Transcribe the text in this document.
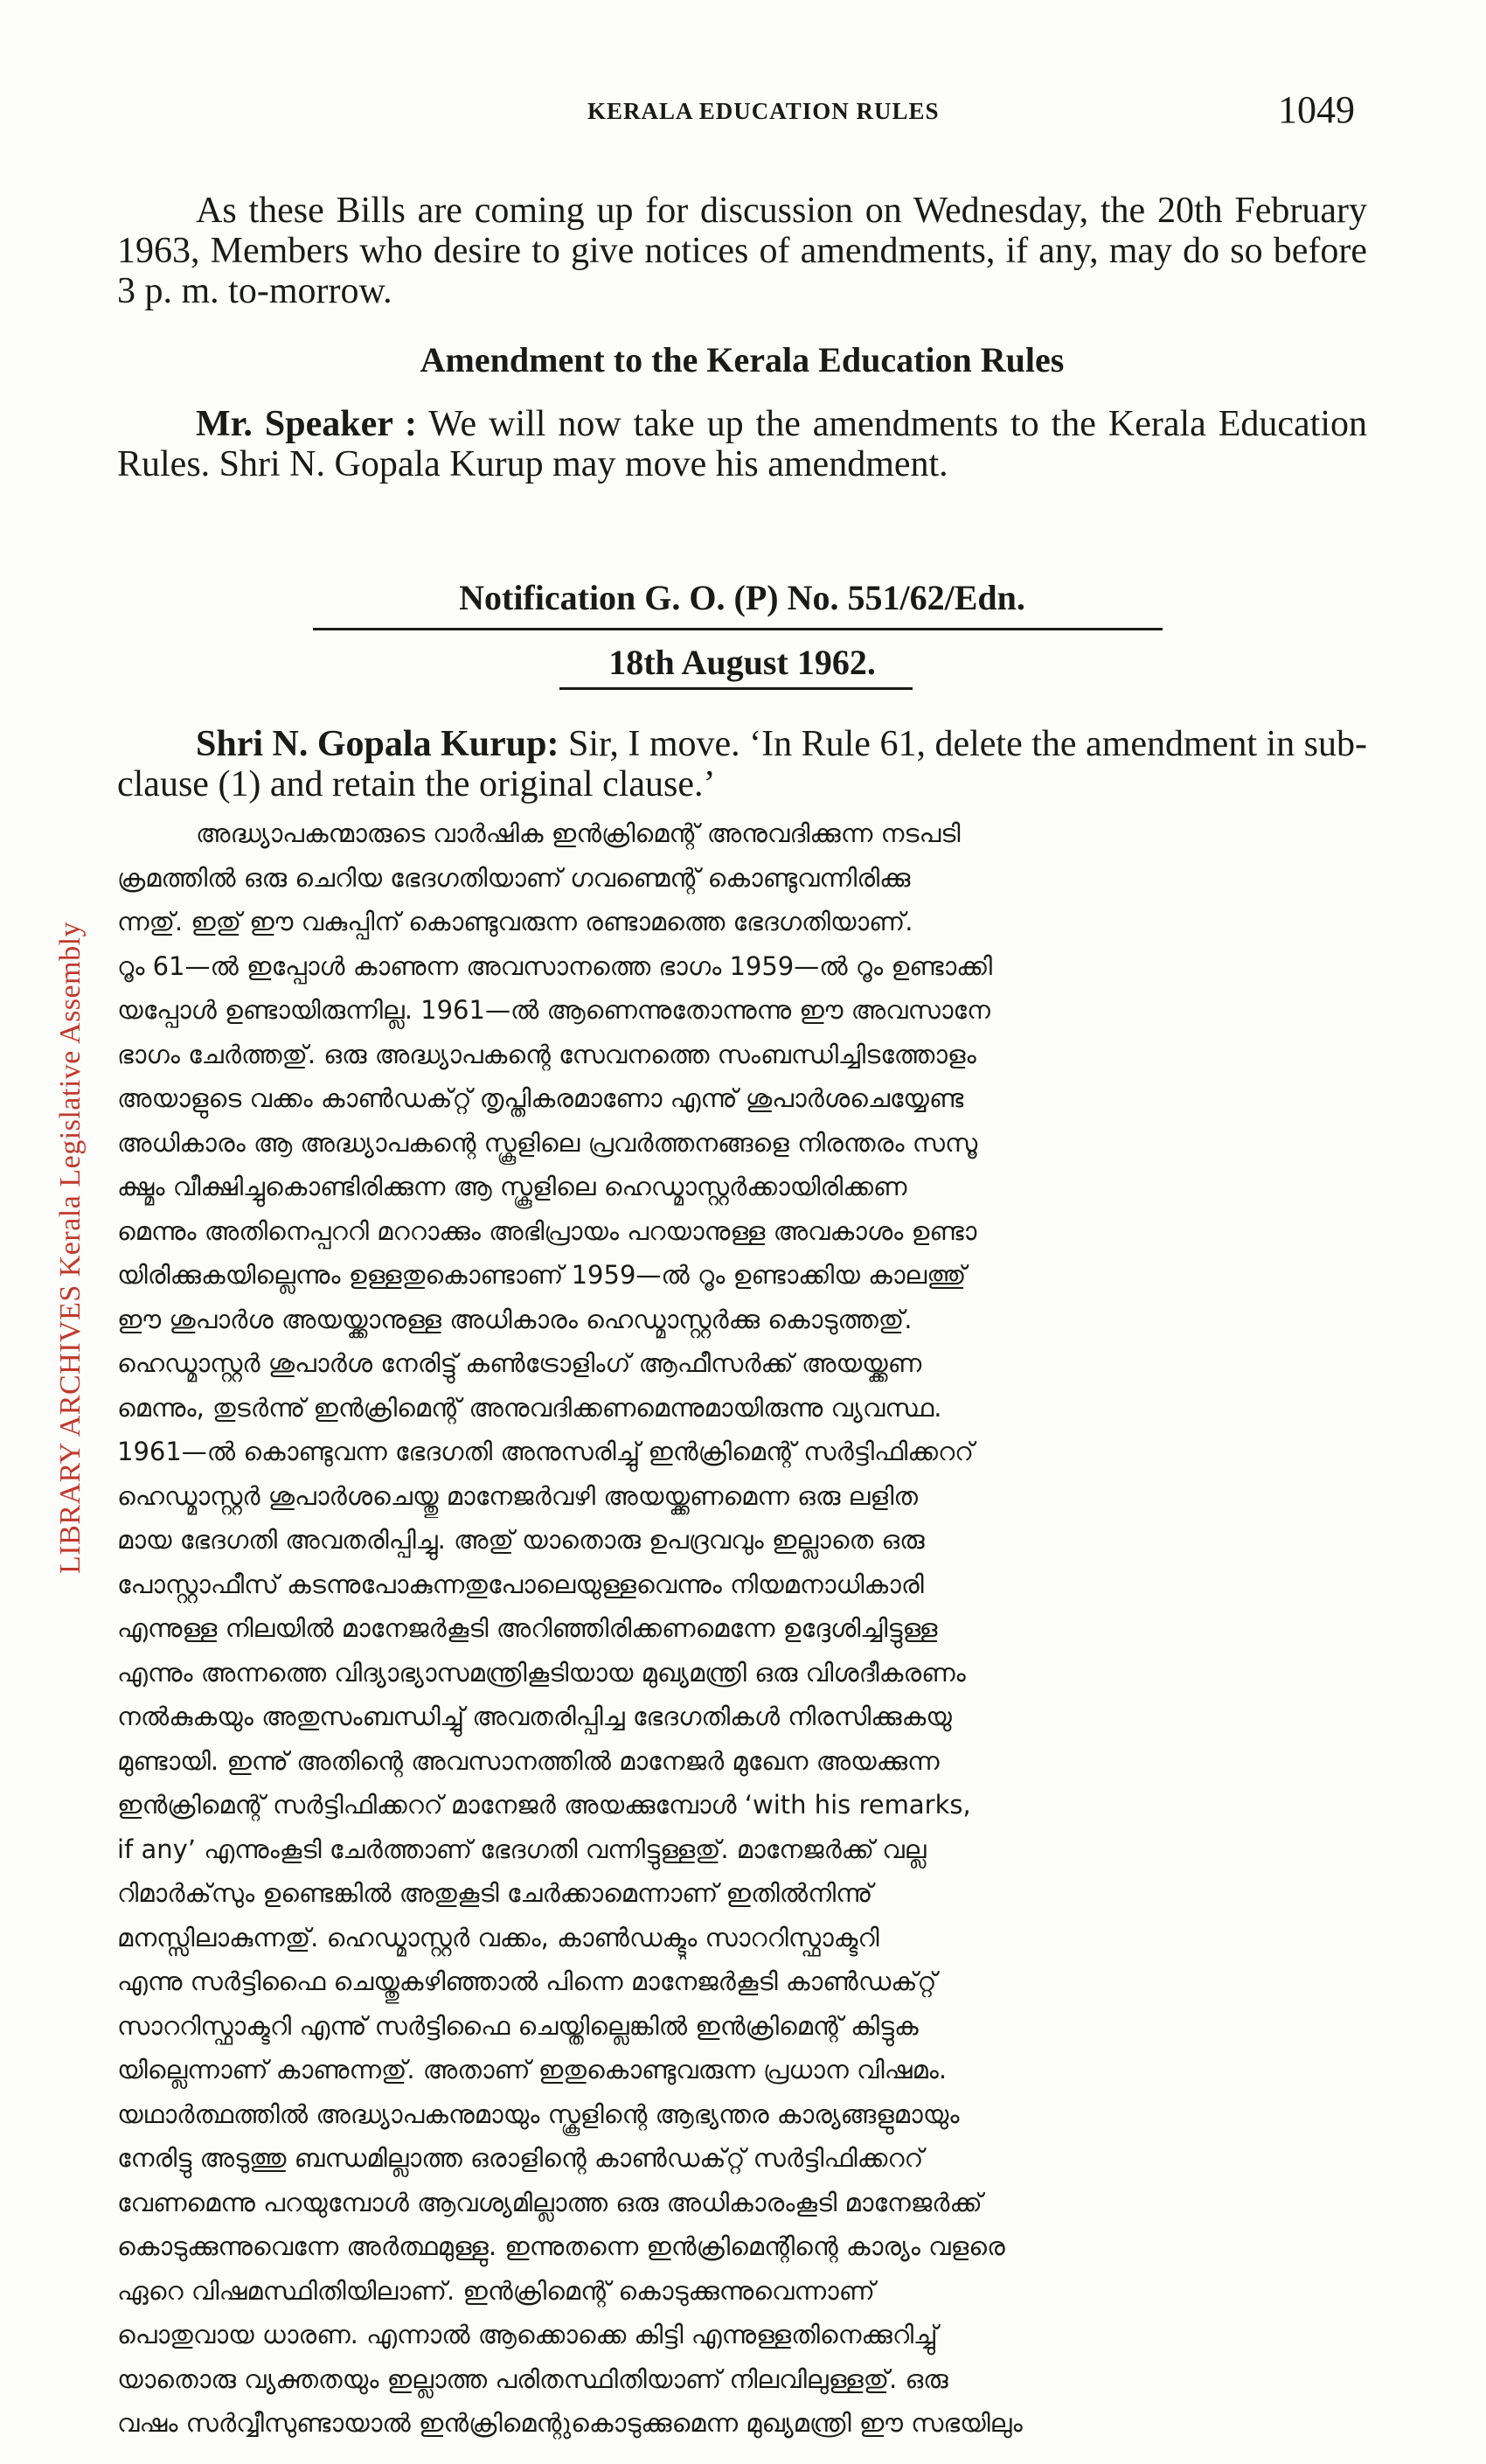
LIBRARY ARCHIVES Kerala Legislative Assembly
KERALA EDUCATION RULES	1049
As these Bills are coming up for discussion on Wednesday, the 20th February 1963, Members who desire to give notices of amendments, if any, may do so before 3 p. m. to-morrow.
Amendment to the Kerala Education Rules
Mr. Speaker : We will now take up the amendments to the Kerala Education Rules. Shri N. Gopala Kurup may move his amendment.
Notification G. O. (P) No. 551/62/Edn.
18th August 1962.
Shri N. Gopala Kurup: Sir, I move. ‘In Rule 61, delete the amendment in sub-clause (1) and retain the original clause.’
അദ്ധ്യാപകന്മാരുടെ വാർഷിക ഇൻക്രിമെന്റ് അനുവദിക്കുന്ന നടപടി
ക്രമത്തിൽ ഒരു ചെറിയ ഭേദഗതിയാണ് ഗവണ്മെന്റ് കൊണ്ടുവന്നിരിക്കു
ന്നതു്. ഇതു് ഈ വകുപ്പിന് കൊണ്ടുവരുന്ന രണ്ടാമത്തെ ഭേദഗതിയാണ്.
റൂം 61—ൽ ഇപ്പോൾ കാണുന്ന അവസാനത്തെ ഭാഗം 1959—ൽ റൂം ഉണ്ടാക്കി
യപ്പോൾ ഉണ്ടായിരുന്നില്ല. 1961—ൽ ആണെന്നുതോന്നുന്നു ഈ അവസാനേ
ഭാഗം ചേർത്തതു്. ഒരു അദ്ധ്യാപകന്റെ സേവനത്തെ സംബന്ധിച്ചിടത്തോളം
അയാളുടെ വക്കം കാൺഡക്‌റ്റ് തൃപ്തികരമാണോ എന്നു് ശുപാർശചെയ്യേണ്ട
അധികാരം ആ അദ്ധ്യാപകന്റെ സ്കൂളിലെ പ്രവർത്തനങ്ങളെ നിരന്തരം സസൂ
ക്ഷ്മം വീക്ഷിച്ചുകൊണ്ടിരിക്കുന്ന ആ സ്കൂളിലെ ഹെഡ്മാസ്റ്റർക്കായിരിക്കണ
മെന്നും അതിനെപ്പററി മററാക്കും അഭിപ്രായം പറയാനുള്ള അവകാശം ഉണ്ടാ
യിരിക്കുകയില്ലെന്നും ഉള്ളതുകൊണ്ടാണ് 1959—ൽ റൂം ഉണ്ടാക്കിയ കാലത്തു്
ഈ ശുപാർശ അയയ്ക്കാനുള്ള അധികാരം ഹെഡ്മാസ്റ്റർക്കു കൊടുത്തതു്.
ഹെഡ്മാസ്റ്റർ ശുപാർശ നേരിട്ടു് കൺട്രോളിംഗ് ആഫീസർക്ക് അയയ്ക്കണ
മെന്നും, തുടർന്നു് ഇൻക്രിമെന്റ് അനുവദിക്കണമെന്നുമായിരുന്നു വ്യവസ്ഥ.
1961—ൽ കൊണ്ടുവന്ന ഭേദഗതി അനുസരിച്ചു് ഇൻക്രിമെന്റ് സർട്ടിഫിക്കററ്
ഹെഡ്മാസ്റ്റർ ശുപാർശചെയ്തു മാനേജർവഴി അയയ്ക്കണമെന്ന ഒരു ലളിത
മായ ഭേദഗതി അവതരിപ്പിച്ചു. അതു് യാതൊരു ഉപദ്രവവും ഇല്ലാതെ ഒരു
പോസ്റ്റാഫീസ് കടന്നുപോകുന്നതുപോലെയുള്ളവെന്നും നിയമനാധികാരി
എന്നുള്ള നിലയിൽ മാനേജർകൂടി അറിഞ്ഞിരിക്കണമെന്നേ ഉദ്ദേശിച്ചിട്ടുള്ള
എന്നും അന്നത്തെ വിദ്യാഭ്യാസമന്ത്രികൂടിയായ മുഖ്യമന്ത്രി ഒരു വിശദീകരണം
നൽകുകയും അതുസംബന്ധിച്ചു് അവതരിപ്പിച്ച ഭേദഗതികൾ നിരസിക്കുകയു
മുണ്ടായി. ഇന്നു് അതിന്റെ അവസാനത്തിൽ മാനേജർ മുഖേന അയക്കുന്ന
ഇൻക്രിമെന്റ് സർട്ടിഫിക്കററ് മാനേജർ അയക്കുമ്പോൾ ‘with his remarks,
if any’ എന്നുംകൂടി ചേർത്താണ് ഭേദഗതി വന്നിട്ടുള്ളതു്. മാനേജർക്ക് വല്ല
റിമാർക്‌സും ഉണ്ടെങ്കിൽ അതുകൂടി ചേർക്കാമെന്നാണ് ഇതിൽനിന്നു്
മനസ്സിലാകുന്നതു്. ഹെഡ്മാസ്റ്റർ വക്കം, കാൺഡക്ടും സാററിസ്ഫാക്ടറി
എന്നു സർട്ടിഫൈ ചെയ്തുകഴിഞ്ഞാൽ പിന്നെ മാനേജർകൂടി കാൺഡക്‌റ്റ്
സാററിസ്ഫാക്ടറി എന്നു് സർട്ടിഫൈ ചെയ്തില്ലെങ്കിൽ ഇൻക്രിമെന്റ് കിട്ടുക
യില്ലെന്നാണ് കാണുന്നതു്. അതാണ് ഇതുകൊണ്ടുവരുന്ന പ്രധാന വിഷമം.
യഥാർത്ഥത്തിൽ അദ്ധ്യാപകനുമായും സ്കൂളിന്റെ ആഭ്യന്തര കാര്യങ്ങളുമായും
നേരിട്ടു അടുത്തു ബന്ധമില്ലാത്ത ഒരാളിന്റെ കാൺഡക്‌റ്റ് സർട്ടിഫിക്കററ്
വേണമെന്നു പറയുമ്പോൾ ആവശ്യമില്ലാത്ത ഒരു അധികാരംകൂടി മാനേജർക്ക്
കൊടുക്കുന്നുവെന്നേ അർത്ഥമുള്ളു. ഇന്നുതന്നെ ഇൻക്രിമെന്റിന്റെ കാര്യം വളരെ
ഏറെ വിഷമസ്ഥിതിയിലാണ്. ഇൻക്രിമെന്റ് കൊടുക്കുന്നുവെന്നാണ്
പൊതുവായ ധാരണ. എന്നാൽ ആക്കൊക്കെ കിട്ടി എന്നുള്ളതിനെക്കുറിച്ചു്
യാതൊരു വ്യക്തതയും ഇല്ലാത്ത പരിതസ്ഥിതിയാണ് നിലവിലുള്ളതു്. ഒരു
വഷം സർവ്വീസുണ്ടായാൽ ഇൻക്രിമെന്റുകൊടുക്കുമെന്ന മുഖ്യമന്ത്രി ഈ സഭയിലും
